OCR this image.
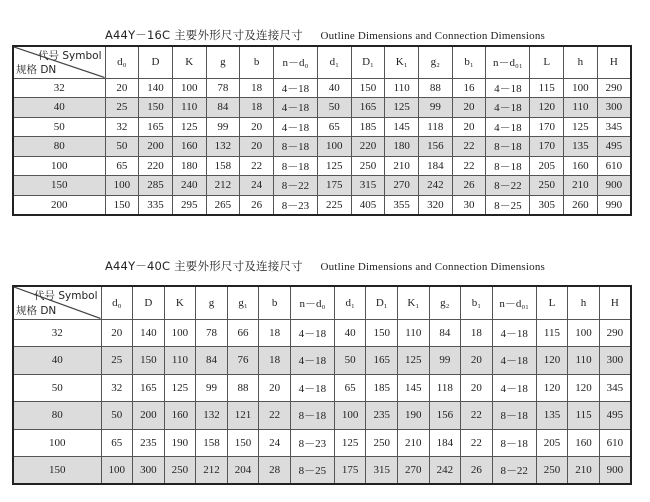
A44Y－16C 主要外形尺寸及连接尺寸 Outline Dimensions and Connection Dimensions
代号 Symbol
规格 DN	d₀	D	K	g	b	n－d₀	d₁	D₁	K₁	g₂	b₁	n－d₀₁	L	h	H
32	20	140	100	78	18	4－18	40	150	110	88	16	4－18	115	100	290
40	25	150	110	84	18	4－18	50	165	125	99	20	4－18	120	110	300
50	32	165	125	99	20	4－18	65	185	145	118	20	4－18	170	125	345
80	50	200	160	132	20	8－18	100	220	180	156	22	8－18	170	135	495
100	65	220	180	158	22	8－18	125	250	210	184	22	8－18	205	160	610
150	100	285	240	212	24	8－22	175	315	270	242	26	8－22	250	210	900
200	150	335	295	265	26	8－23	225	405	355	320	30	8－25	305	260	990
A44Y－40C 主要外形尺寸及连接尺寸 Outline Dimensions and Connection Dimensions
代号 Symbol
规格 DN	d₀	D	K	g	g₁	b	n－d₀	d₁	D₁	K₁	g₂	b₁	n－d₀₁	L	h	H
32	20	140	100	78	66	18	4－18	40	150	110	84	18	4－18	115	100	290
40	25	150	110	84	76	18	4－18	50	165	125	99	20	4－18	120	110	300
50	32	165	125	99	88	20	4－18	65	185	145	118	20	4－18	120	120	345
80	50	200	160	132	121	22	8－18	100	235	190	156	22	8－18	135	115	495
100	65	235	190	158	150	24	8－23	125	250	210	184	22	8－18	205	160	610
150	100	300	250	212	204	28	8－25	175	315	270	242	26	8－22	250	210	900
